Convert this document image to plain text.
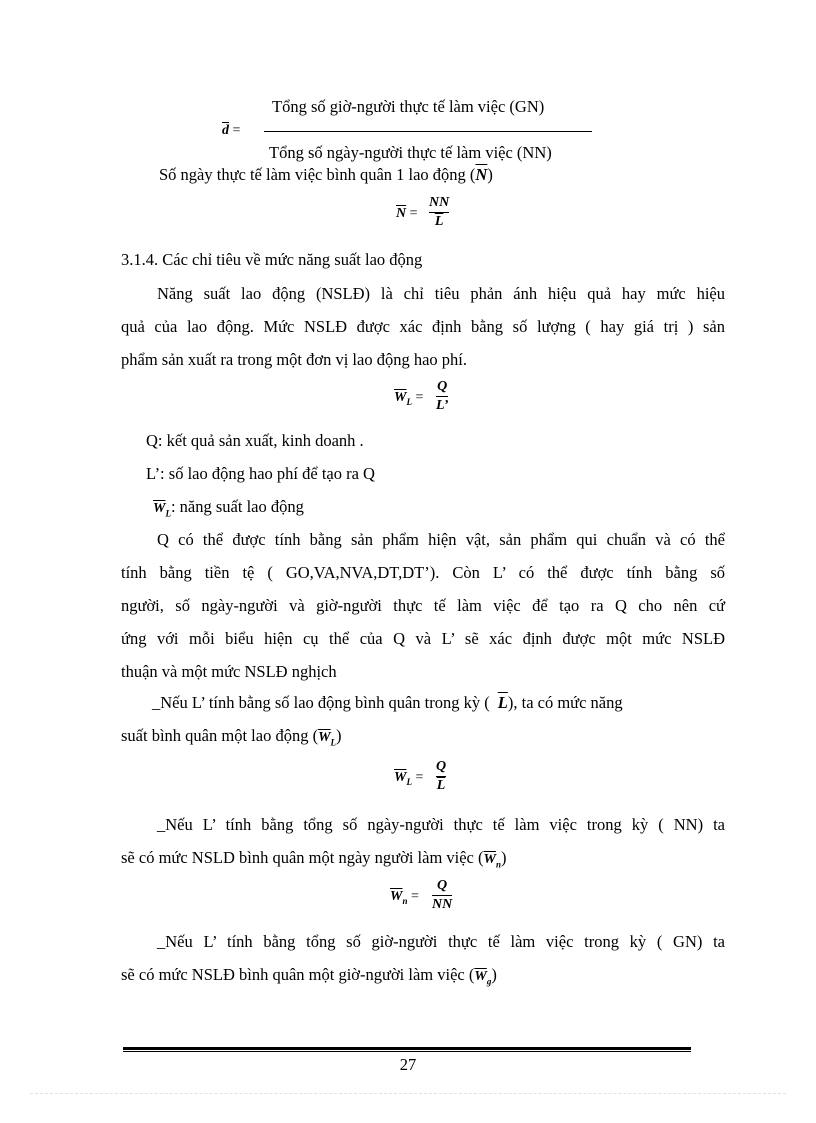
$\overline{d}$ =
Tổng số giờ-người thực tế làm việc (GN)
Tổng số ngày-người thực tế làm việc (NN)
Số ngày thực tế làm việc bình quân 1 lao động $(\overline{N})$
$\overline{N} = \frac{NN}{L}$
3.1.4. Các chỉ tiêu về mức năng suất lao động
Năng suất lao động (NSLĐ) là chỉ tiêu phản ánh hiệu quả hay mức hiệu
quả của lao động. Mức NSLĐ được xác định bằng số lượng ( hay giá trị ) sản
phẩm sản xuất ra trong một đơn vị lao động hao phí.
$\overline{W}_L$ =
Q
L’
Q: kết quả sản xuất, kinh doanh .
L’: số lao động hao phí để tạo ra Q
$\overline{W}_L$: năng suất lao động
Q có thể được tính bằng sản phẩm hiện vật, sản phẩm qui chuẩn và có thể
tính bằng tiền tệ ( GO,VA,NVA,DT,DT’). Còn L’ có thể được tính bằng số
người, số ngày-người và giờ-người thực tế làm việc để tạo ra Q cho nên cứ
ứng với mỗi biểu hiện cụ thể của Q và L’ sẽ xác định được một mức NSLĐ
thuận và một mức NSLĐ nghịch
_Nếu L’ tính bằng số lao động bình quân trong kỳ ( $\overline{L}$), ta có mức năng
suất bình quân một lao động $(\overline{W}_L)$
$\overline{W}_L = \frac{Q}{L}$
_Nếu L’ tính bằng tổng số ngày-người thực tế làm việc trong kỳ ( NN) ta
sẽ có mức NSLD bình quân một ngày người làm việc $(\overline{W}_n)$
$\overline{W}_n$ =
Q
NN
_Nếu L’ tính bằng tổng số giờ-người thực tế làm việc trong kỳ ( GN) ta
sẽ có mức NSLĐ bình quân một giờ-người làm việc $(\overline{W}_g)$
27
